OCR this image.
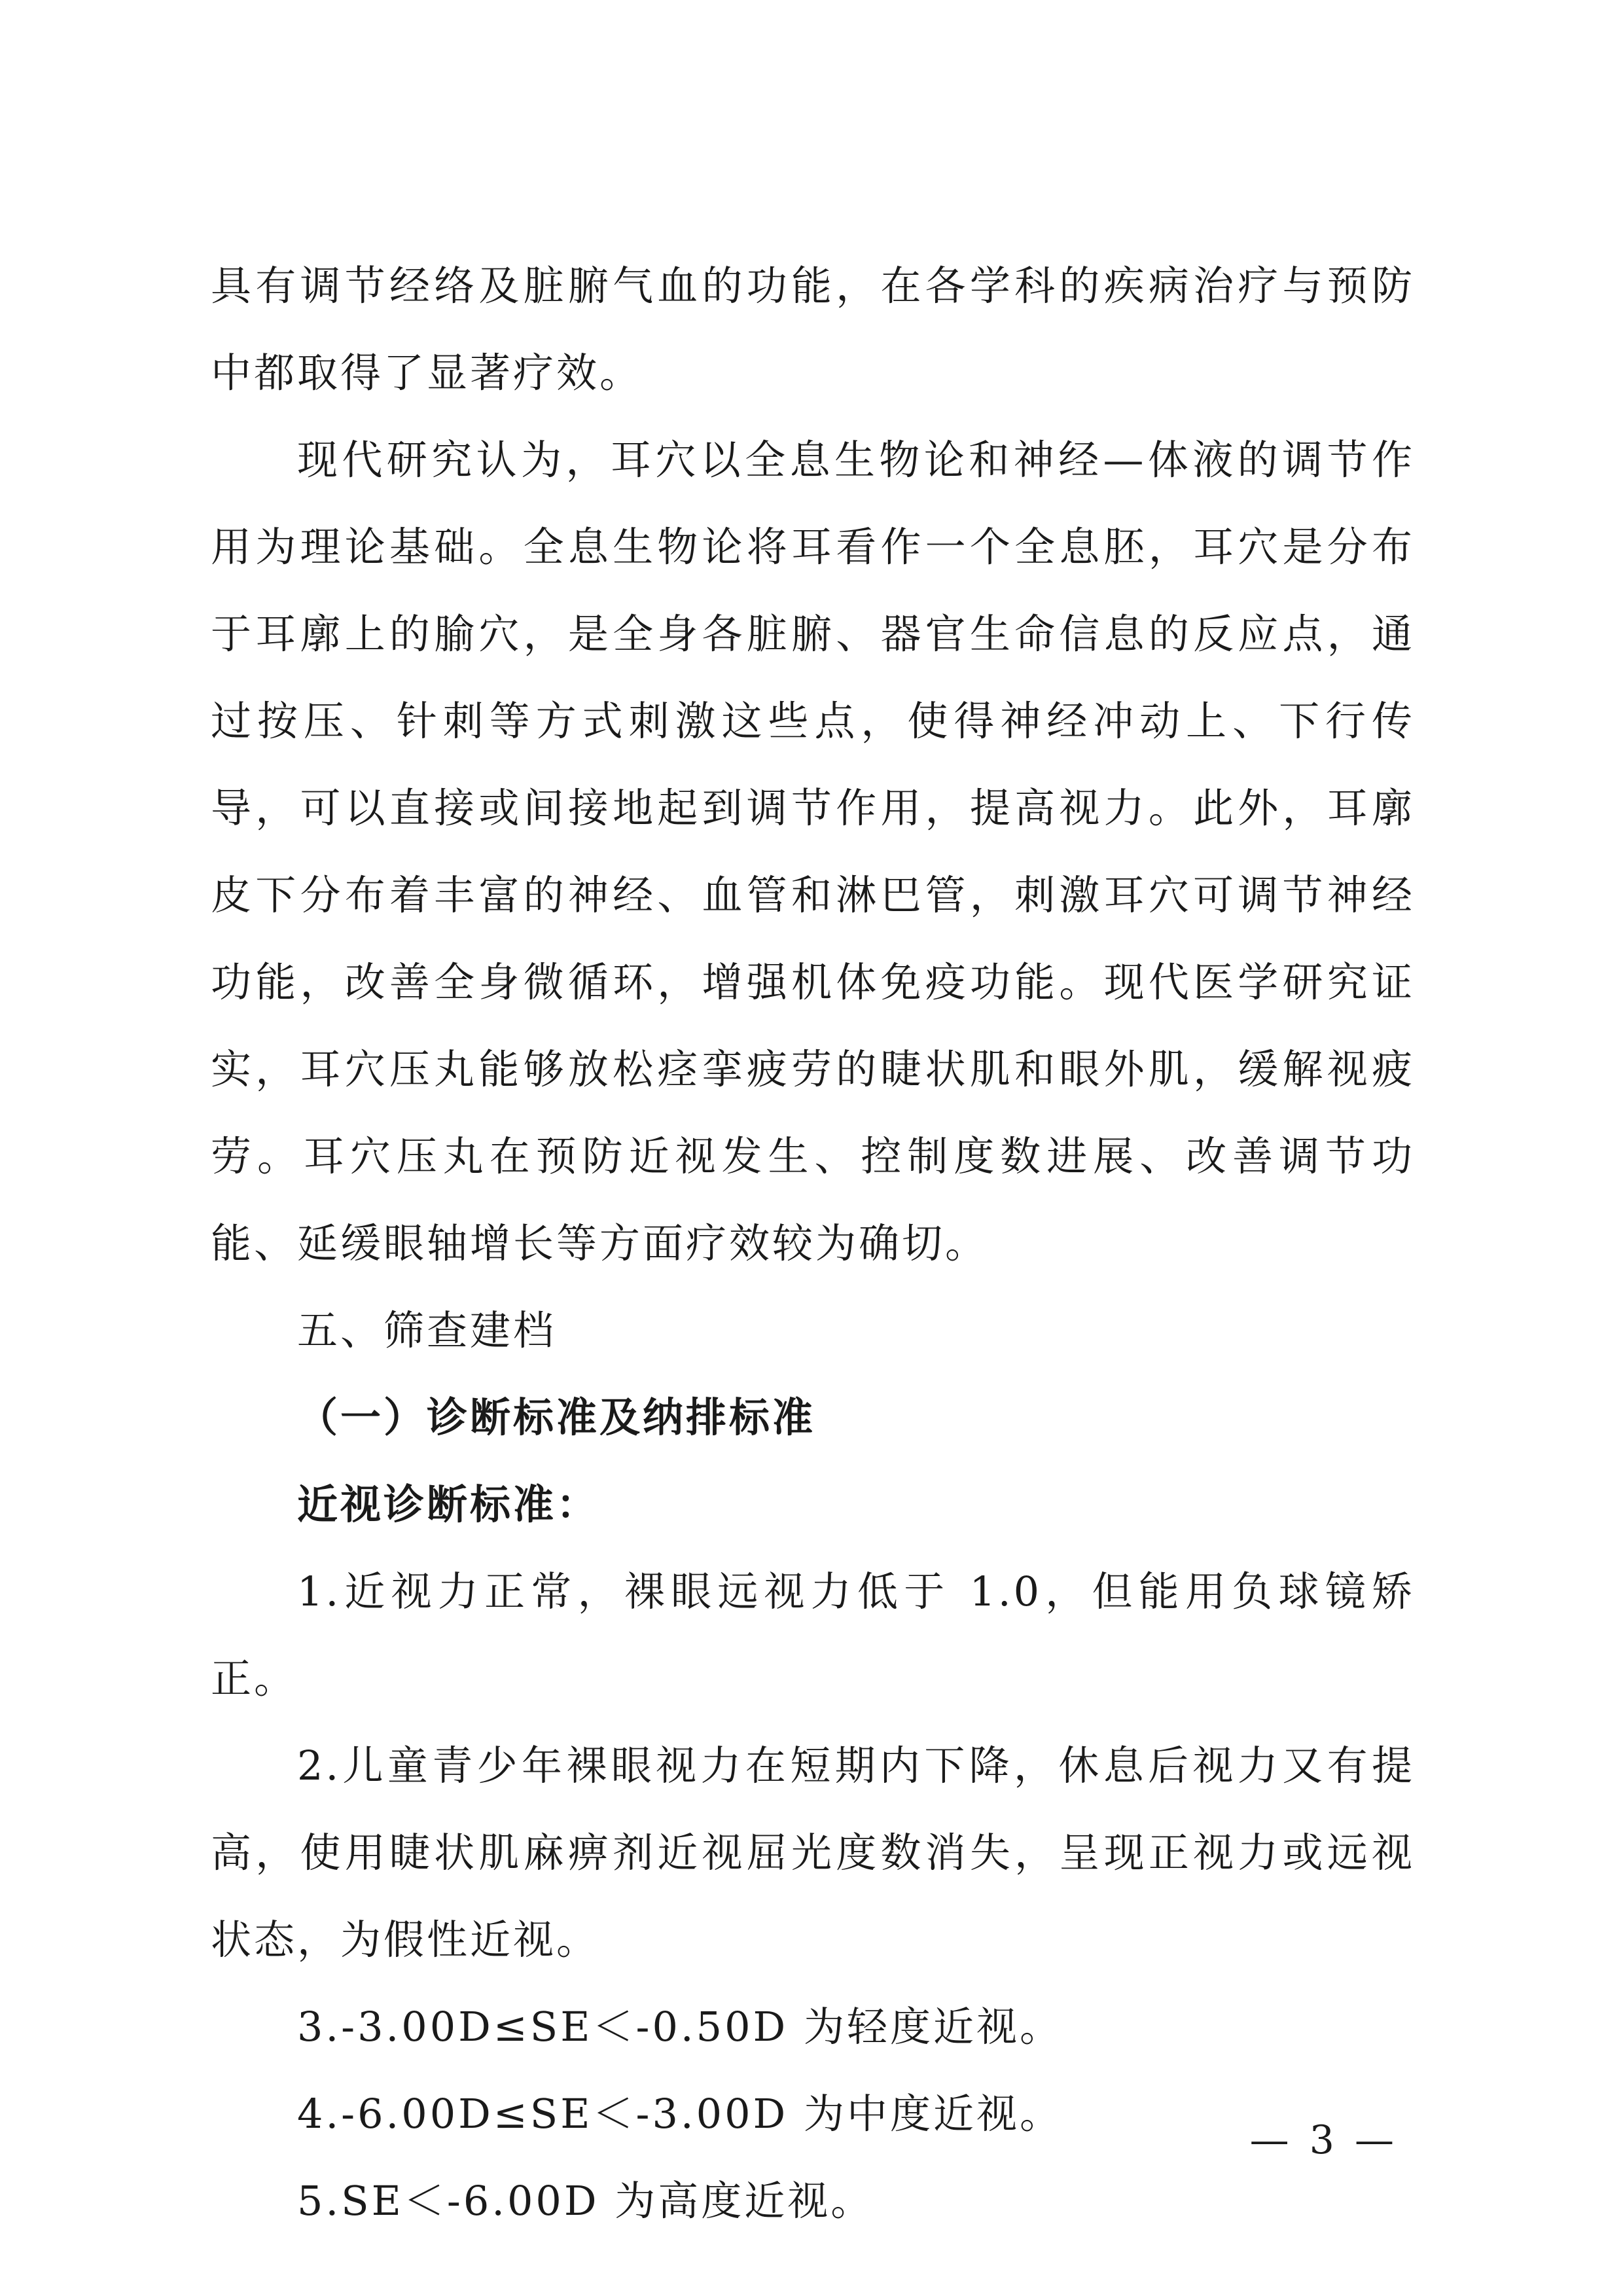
具有调节经络及脏腑气血的功能，在各学科的疾病治疗与预防中都取得了显著疗效。

现代研究认为，耳穴以全息生物论和神经—体液的调节作用为理论基础。全息生物论将耳看作一个全息胚，耳穴是分布于耳廓上的腧穴，是全身各脏腑、器官生命信息的反应点，通过按压、针刺等方式刺激这些点，使得神经冲动上、下行传导，可以直接或间接地起到调节作用，提高视力。此外，耳廓皮下分布着丰富的神经、血管和淋巴管，刺激耳穴可调节神经功能，改善全身微循环，增强机体免疫功能。现代医学研究证实，耳穴压丸能够放松痉挛疲劳的睫状肌和眼外肌，缓解视疲劳。耳穴压丸在预防近视发生、控制度数进展、改善调节功能、延缓眼轴增长等方面疗效较为确切。

五、筛查建档
（一）诊断标准及纳排标准

近视诊断标准：

1.近视力正常，裸眼远视力低于 1.0，但能用负球镜矫正。

2.儿童青少年裸眼视力在短期内下降，休息后视力又有提高，使用睫状肌麻痹剂近视屈光度数消失，呈现正视力或远视状态，为假性近视。

3.-3.00D≤SE＜-0.50D 为轻度近视。

4.-6.00D≤SE＜-3.00D 为中度近视。

5.SE＜-6.00D 为高度近视。

— 3 —
